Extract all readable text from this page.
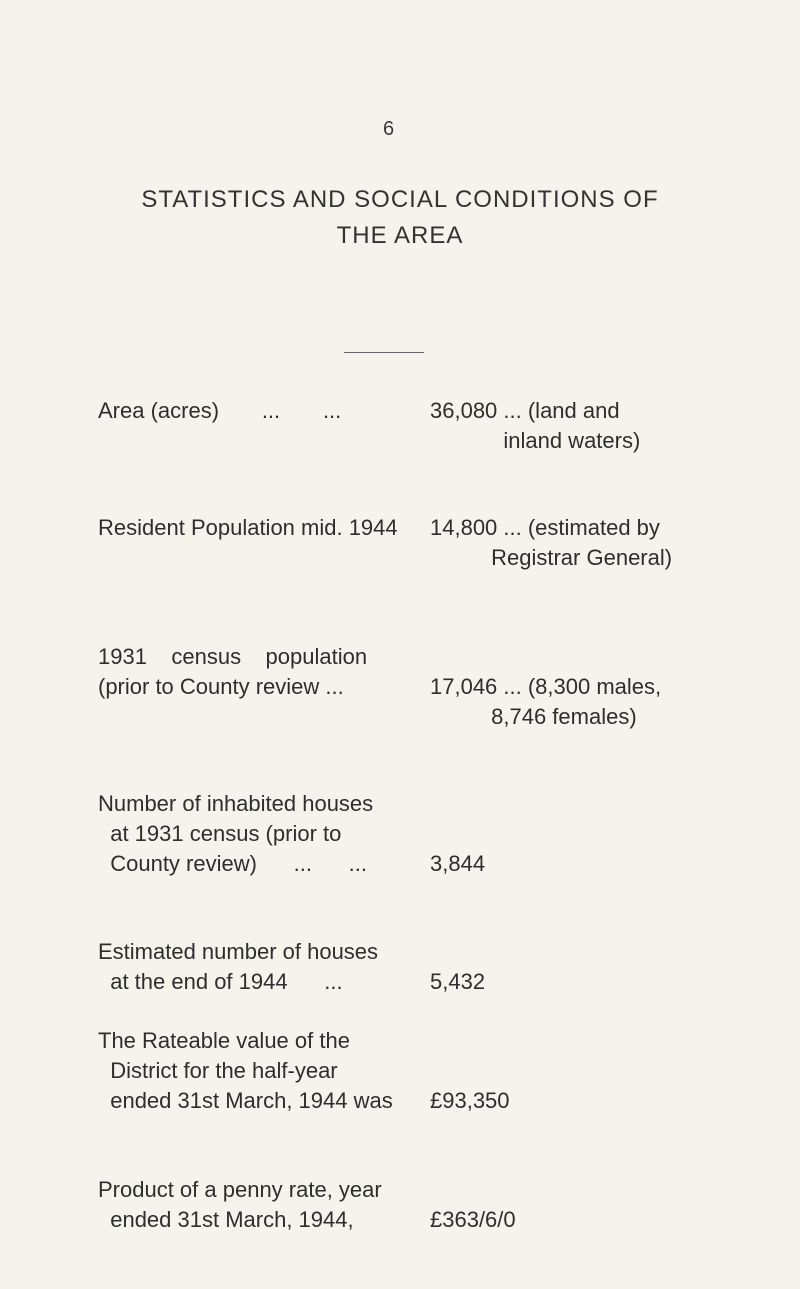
6
STATISTICS AND SOCIAL CONDITIONS OF
THE AREA
Area (acres)       ...       ...	36,080 ... (land and
inland waters)
Resident Population mid. 1944 14,800 ... (estimated by
Registrar General)
1931    census    population
(prior to County review ...	17,046 ... (8,300 males,
8,746 females)
Number of inhabited houses
at 1931 census (prior to
County review)      ...      ...	3,844
Estimated number of houses
at the end of 1944      ...	5,432
The Rateable value of the
District for the half-year
ended 31st March, 1944 was £93,350
Product of a penny rate, year
ended 31st March, 1944,	£363/6/0
